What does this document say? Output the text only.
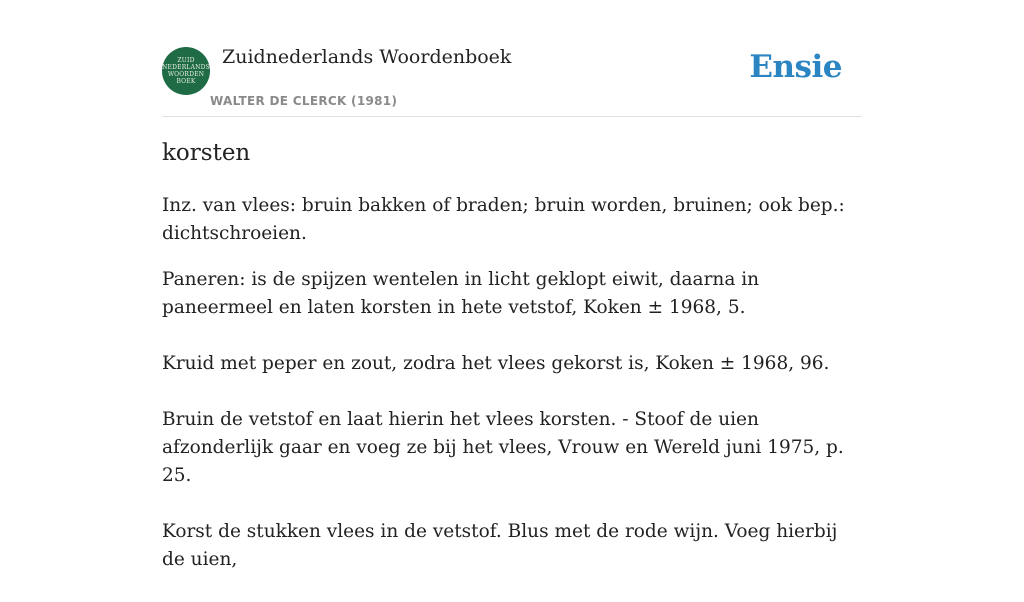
ZUID
NEDERLANDS
WOORDEN
BOEK
Zuidnederlands Woordenboek
WALTER DE CLERCK (1981)
Ensie
korsten

Inz. van vlees: bruin bakken of braden; bruin worden, bruinen; ook bep.: dichtschroeien.

Paneren: is de spijzen wentelen in licht geklopt eiwit, daarna in paneermeel en laten korsten in hete vetstof, Koken ± 1968, 5.

Kruid met peper en zout, zodra het vlees gekorst is, Koken ± 1968, 96.

Bruin de vetstof en laat hierin het vlees korsten. - Stoof de uien afzonderlijk gaar en voeg ze bij het vlees, Vrouw en Wereld juni 1975, p. 25.

Korst de stukken vlees in de vetstof. Blus met de rode wijn. Voeg hierbij de uien,
